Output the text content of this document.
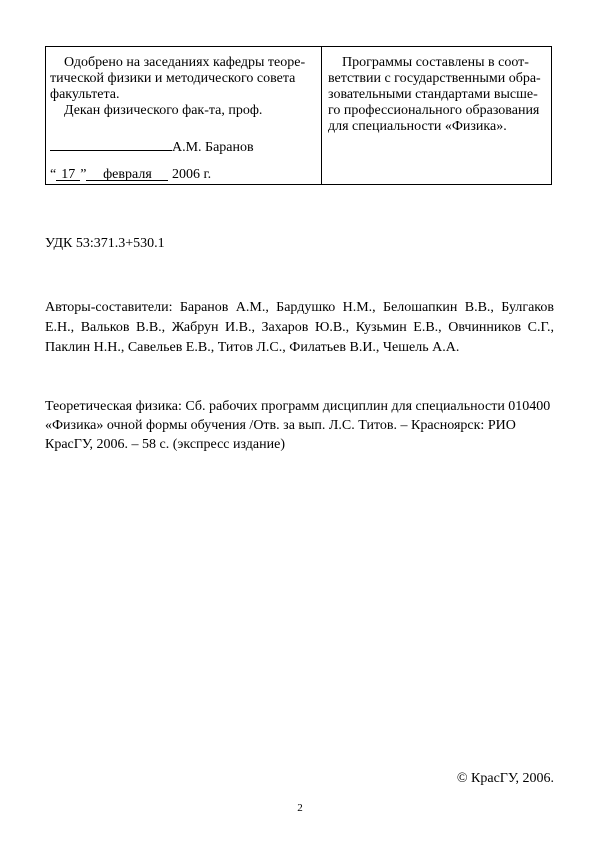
Одобрено на заседаниях кафедры теоре-
тической физики и методического совета
факультета.
Декан физического фак-та, проф.
А.М. Баранов
“ 17 ” февраля 2006 г.
Программы составлены в соот-
ветствии с государственными обра-
зовательными стандартами высше-
го профессионального образования
для специальности «Физика».
УДК 53:371.3+530.1
Авторы-составители: Баранов А.М., Бардушко Н.М., Белошапкин В.В., Булгаков Е.Н., Вальков В.В., Жабрун И.В., Захаров Ю.В., Кузьмин Е.В., Овчинников С.Г., Паклин Н.Н., Савельев Е.В., Титов Л.С., Филатьев В.И., Чешель А.А.
Теоретическая физика: Сб. рабочих программ дисциплин для специальности 010400
«Физика» очной формы обучения /Отв. за вып. Л.С. Титов. – Красноярск: РИО
КрасГУ, 2006. – 58 с. (экспресс издание)
© КрасГУ, 2006.
2
